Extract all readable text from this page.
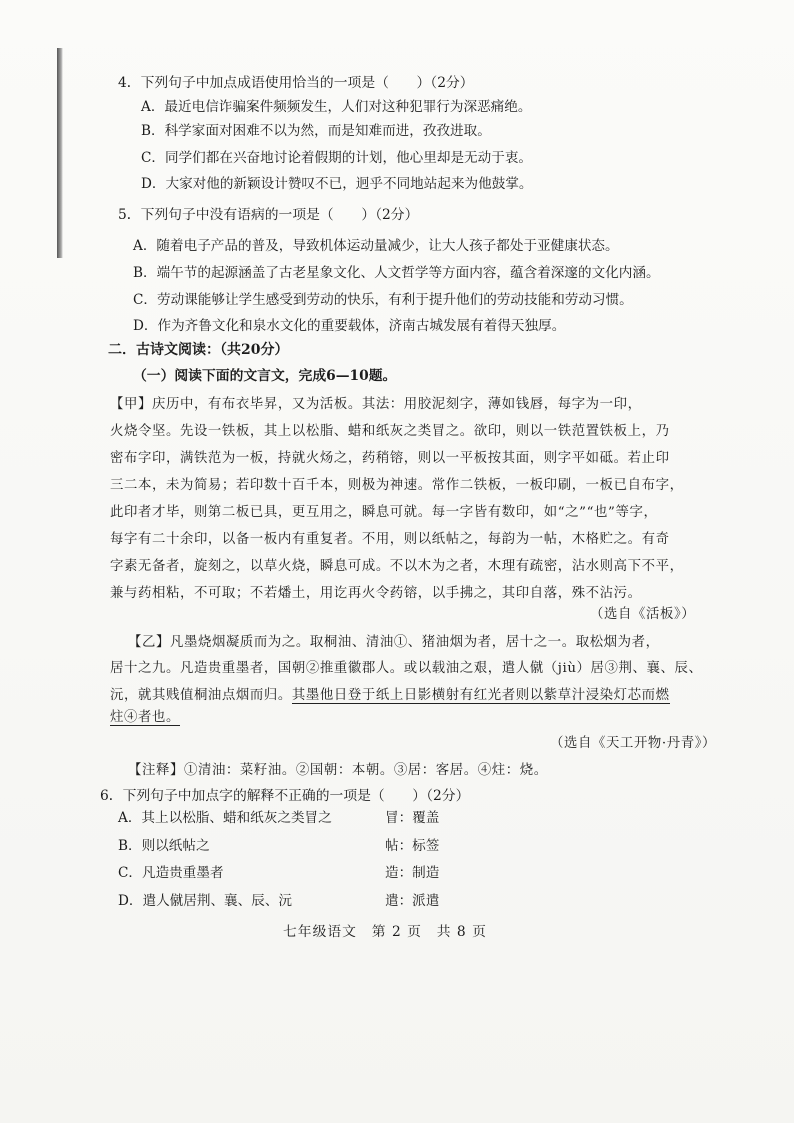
4．下列句子中加点成语使用恰当的一项是（　　）（2分）
A．最近电信诈骗案件频频发生，人们对这种犯罪行为深恶痛绝。
B．科学家面对困难不以为然，而是知难而进，孜孜进取。
C．同学们都在兴奋地讨论着假期的计划，他心里却是无动于衷。
D．大家对他的新颖设计赞叹不已，迥乎不同地站起来为他鼓掌。
5．下列句子中没有语病的一项是（　　）（2分）
A．随着电子产品的普及，导致机体运动量减少，让大人孩子都处于亚健康状态。
B．端午节的起源涵盖了古老星象文化、人文哲学等方面内容，蕴含着深邃的文化内涵。
C．劳动课能够让学生感受到劳动的快乐，有利于提升他们的劳动技能和劳动习惯。
D．作为齐鲁文化和泉水文化的重要载体，济南古城发展有着得天独厚。
二．古诗文阅读：（共20分）
（一）阅读下面的文言文，完成6—10题。
【甲】庆历中，有布衣毕昇，又为活板。其法：用胶泥刻字，薄如钱唇，每字为一印，
火烧令坚。先设一铁板，其上以松脂、蜡和纸灰之类冒之。欲印，则以一铁范置铁板上，乃
密布字印，满铁范为一板，持就火炀之，药稍镕，则以一平板按其面，则字平如砥。若止印
三二本，未为简易；若印数十百千本，则极为神速。常作二铁板，一板印刷，一板已自布字，
此印者才毕，则第二板已具，更互用之，瞬息可就。每一字皆有数印，如“之”“也”等字，
每字有二十余印，以备一板内有重复者。不用，则以纸帖之，每韵为一帖，木格贮之。有奇
字素无备者，旋刻之，以草火烧，瞬息可成。不以木为之者，木理有疏密，沾水则高下不平，
兼与药相粘，不可取；不若燔土，用讫再火令药镕，以手拂之，其印自落，殊不沾污。
（选自《活板》）
【乙】凡墨烧烟凝质而为之。取桐油、清油①、猪油烟为者，居十之一。取松烟为者，
居十之九。凡造贵重墨者，国朝②推重徽郡人。或以载油之艰，遣人僦（jiù）居③荆、襄、辰、
沅，就其贱值桐油点烟而归。其墨他日登于纸上日影横射有红光者则以紫草汁浸染灯芯而燃
炷④者也。
（选自《天工开物·丹青》）
【注释】①清油：菜籽油。②国朝：本朝。③居：客居。④炷：烧。
6．下列句子中加点字的解释不正确的一项是（　　）（2分）
A．其上以松脂、蜡和纸灰之类冒之	冒：覆盖
B．则以纸帖之	帖：标签
C．凡造贵重墨者	造：制造
D．遣人僦居荆、襄、辰、沅	遣：派遣
七年级语文　第 2 页　共 8 页
